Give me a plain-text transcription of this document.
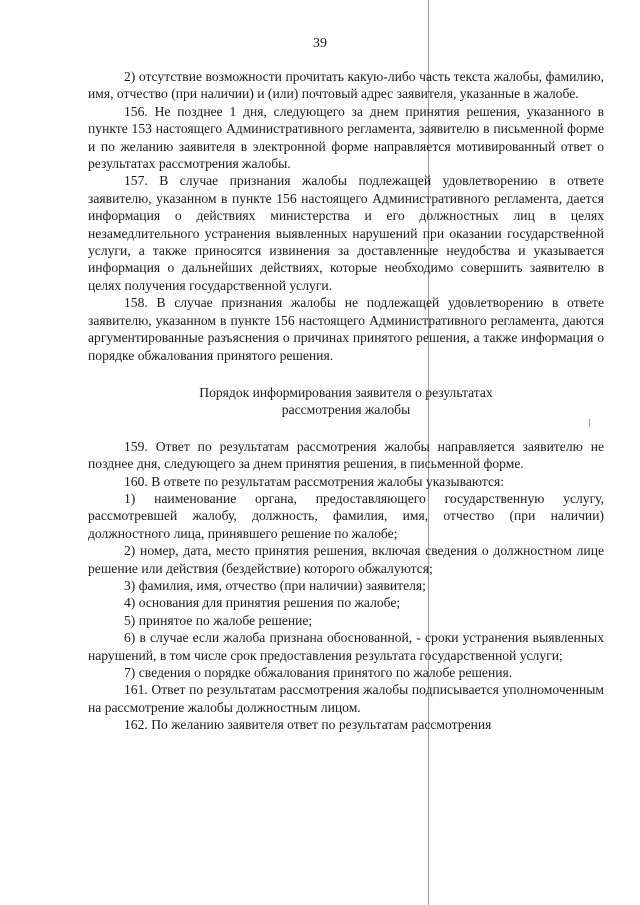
39

2) отсутствие возможности прочитать какую-либо часть текста жалобы, фамилию, имя, отчество (при наличии) и (или) почтовый адрес заявителя, указанные в жалобе.

156. Не позднее 1 дня, следующего за днем принятия решения, указанного в пункте 153 настоящего Административного регламента, заявителю в письменной форме и по желанию заявителя в электронной форме направляется мотивированный ответ о результатах рассмотрения жалобы.

157. В случае признания жалобы подлежащей удовлетворению в ответе заявителю, указанном в пункте 156 настоящего Административного регламента, дается информация о действиях министерства и его должностных лиц в целях незамедлительного устранения выявленных нарушений при оказании государственной услуги, а также приносятся извинения за доставленные неудобства и указывается информация о дальнейших действиях, которые необходимо совершить заявителю в целях получения государственной услуги.

158. В случае признания жалобы не подлежащей удовлетворению в ответе заявителю, указанном в пункте 156 настоящего Административного регламента, даются аргументированные разъяснения о причинах принятого решения, а также информация о порядке обжалования принятого решения.

Порядок информирования заявителя о результатах
рассмотрения жалобы

159. Ответ по результатам рассмотрения жалобы направляется заявителю не позднее дня, следующего за днем принятия решения, в письменной форме.

160. В ответе по результатам рассмотрения жалобы указываются:

1) наименование органа, предоставляющего государственную услугу, рассмотревшей жалобу, должность, фамилия, имя, отчество (при наличии) должностного лица, принявшего решение по жалобе;

2) номер, дата, место принятия решения, включая сведения о должностном лице решение или действия (бездействие) которого обжалуются;

3) фамилия, имя, отчество (при наличии) заявителя;

4) основания для принятия решения по жалобе;

5) принятое по жалобе решение;

6) в случае если жалоба признана обоснованной, - сроки устранения выявленных нарушений, в том числе срок предоставления результата государственной услуги;

7) сведения о порядке обжалования принятого по жалобе решения.

161. Ответ по результатам рассмотрения жалобы подписывается уполномоченным на рассмотрение жалобы должностным лицом.

162. По желанию заявителя ответ по результатам рассмотрения
